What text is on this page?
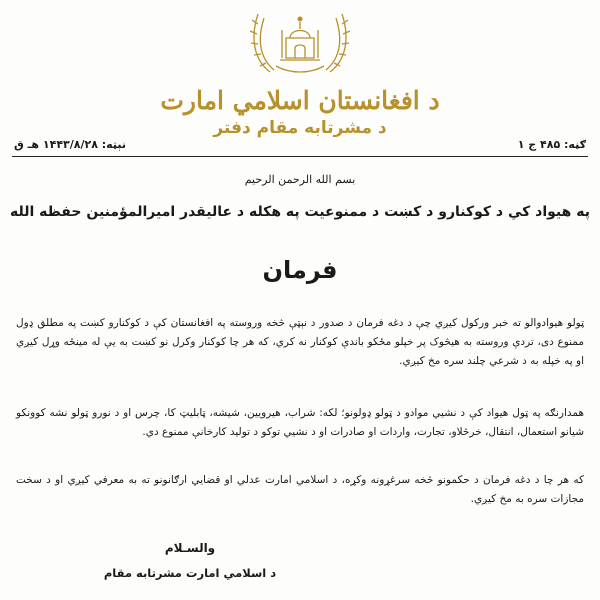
د افغانستان اسلامي امارت
د مشرتابه مقام دفتر
ګڼه: ۴۸۵ ج ۱
نېټه: ۱۴۴۳/۸/۲۸ هـ ق
بسم الله الرحمن الرحیم
په هیواد کي د کوکنارو د کښت د ممنوعیت په هکله د عالیقدر امیرالمؤمنین حفظه الله
فرمان
ټولو هیوادوالو ته خبر ورکول کیږي چې د دغه فرمان د صدور د نېټې څخه وروسته په افغانستان کې د کوکنارو کښت په مطلق ډول ممنوع دی، تردې وروسته به هیڅوک پر خپلو مځکو باندې کوکنار نه کري، که هر چا کوکنار وکرل نو کښت به یې له مینځه وړل کیږي او په خپله به د شرعي چلند سره مخ کیږي.
همدارنګه په ټول هیواد کې د نشيي موادو د ټولو ډولونو؛ لکه: شراب، هیرویین، شیشه، ټابلیټ کا، چرس او د نورو ټولو نشه کوونکو شیانو استعمال، انتقال، خرڅلاو، تجارت، واردات او صادرات او د نشيي توکو د تولید کارخانې ممنوع دي.
که هر چا د دغه فرمان د حکمونو څخه سرغړونه وکړه، د اسلامي امارت عدلي او قضايي ارګانونو ته به معرفي کیږي او د سخت مجازات سره به مخ کیږي.
والسـلام
د اسلامي امارت مشرتابه مقام
